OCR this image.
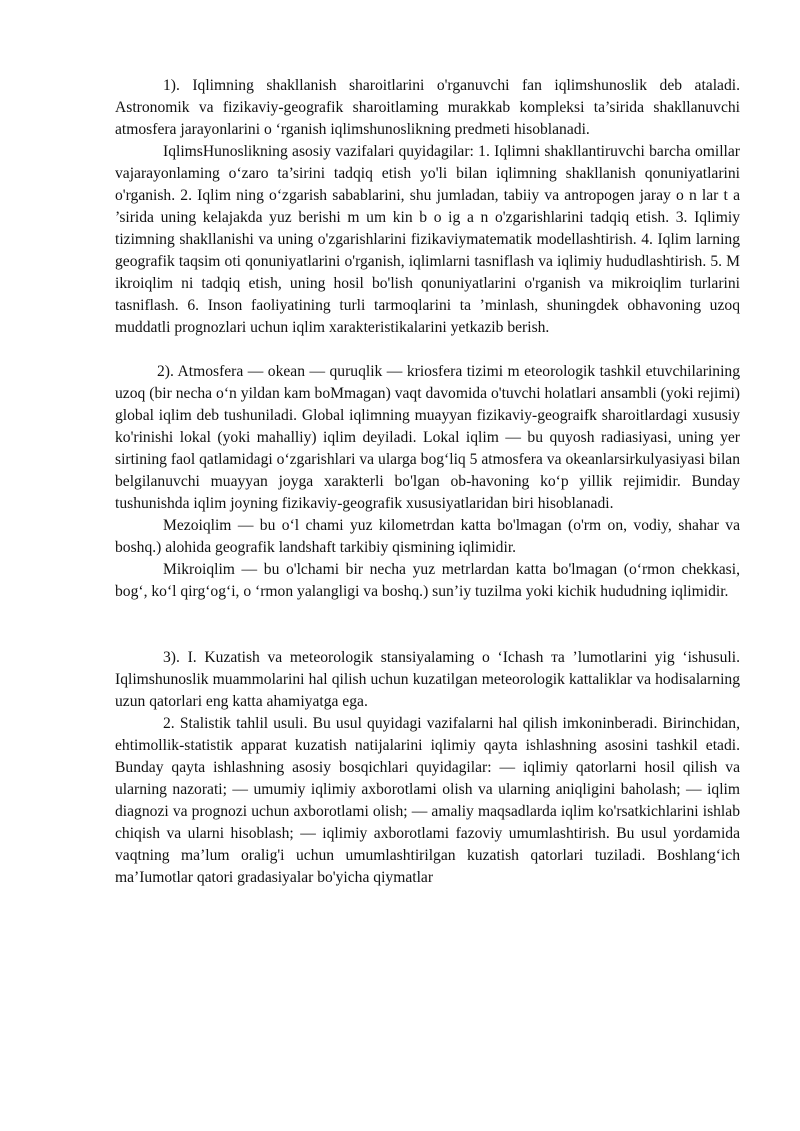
1). Iqlimning shakllanish sharoitlarini o'rganuvchi fan iqlimshunoslik deb ataladi. Astronomik va fizikaviy-geografik sharoitlaming murakkab kompleksi ta’sirida shakllanuvchi atmosfera jarayonlarini o ‘rganish iqlimshunoslikning predmeti hisoblanadi.

IqlimsHunoslikning asosiy vazifalari quyidagilar: 1. Iqlimni shakllantiruvchi barcha omillar vajarayonlaming o‘zaro ta’sirini tadqiq etish yo'li bilan iqlimning shakllanish qonuniyatlarini o'rganish. 2. Iqlim ning o‘zgarish sabablarini, shu jumladan, tabiiy va antropogen jaray o n lar t a ’sirida uning kelajakda yuz berishi m um kin b o ig a n o'zgarishlarini tadqiq etish. 3. Iqlimiy tizimning shakllanishi va uning o'zgarishlarini fizikaviymatematik modellashtirish. 4. Iqlim larning geografik taqsim oti qonuniyatlarini o'rganish, iqlimlarni tasniflash va iqlimiy hududlashtirish. 5. M ikroiqlim ni tadqiq etish, uning hosil bo'lish qonuniyatlarini o'rganish va mikroiqlim turlarini tasniflash. 6. Inson faoliyatining turli tarmoqlarini ta ’minlash, shuningdek obhavoning uzoq muddatli prognozlari uchun iqlim xarakteristikalarini yetkazib berish.

2). Atmosfera — okean — quruqlik — kriosfera tizimi m eteorologik tashkil etuvchilarining uzoq (bir necha o‘n yildan kam boMmagan) vaqt davomida o'tuvchi holatlari ansambli (yoki rejimi) global iqlim deb tushuniladi. Global iqlimning muayyan fizikaviy-geograifk sharoitlardagi xususiy ko'rinishi lokal (yoki mahalliy) iqlim deyiladi. Lokal iqlim — bu quyosh radiasiyasi, uning yer sirtining faol qatlamidagi o‘zgarishlari va ularga bog‘liq 5 atmosfera va okeanlarsirkulyasiyasi bilan belgilanuvchi muayyan joyga xarakterli bo'lgan ob-havoning ko‘p yillik rejimidir. Bunday tushunishda iqlim joyning fizikaviy-geografik xususiyatlaridan biri hisoblanadi.

Mezoiqlim — bu o‘l chami yuz kilometrdan katta bo'lmagan (o'rm on, vodiy, shahar va boshq.) alohida geografik landshaft tarkibiy qismining iqlimidir.

Mikroiqlim — bu o'lchami bir necha yuz metrlardan katta bo'lmagan (o‘rmon chekkasi, bog‘, ko‘l qirg‘og‘i, o ‘rmon yalangligi va boshq.) sun’iy tuzilma yoki kichik hududning iqlimidir.

3). I. Kuzatish va meteorologik stansiyalaming o ‘Ichash тa ’lumotlarini yig ‘ishusuli. Iqlimshunoslik muammolarini hal qilish uchun kuzatilgan meteorologik kattaliklar va hodisalarning uzun qatorlari eng katta ahamiyatga ega.

2. Stalistik tahlil usuli. Bu usul quyidagi vazifalarni hal qilish imkoninberadi. Birinchidan, ehtimollik-statistik apparat kuzatish natijalarini iqlimiy qayta ishlashning asosini tashkil etadi. Bunday qayta ishlashning asosiy bosqichlari quyidagilar: — iqlimiy qatorlarni hosil qilish va ularning nazorati; — umumiy iqlimiy axborotlami olish va ularning aniqligini baholash; — iqlim diagnozi va prognozi uchun axborotlami olish; — amaliy maqsadlarda iqlim ko'rsatkichlarini ishlab chiqish va ularni hisoblash; — iqlimiy axborotlami fazoviy umumlashtirish. Bu usul yordamida vaqtning ma’lum oralig'i uchun umumlashtirilgan kuzatish qatorlari tuziladi. Boshlang‘ich ma’Iumotlar qatori gradasiyalar bo'yicha qiymatlar
